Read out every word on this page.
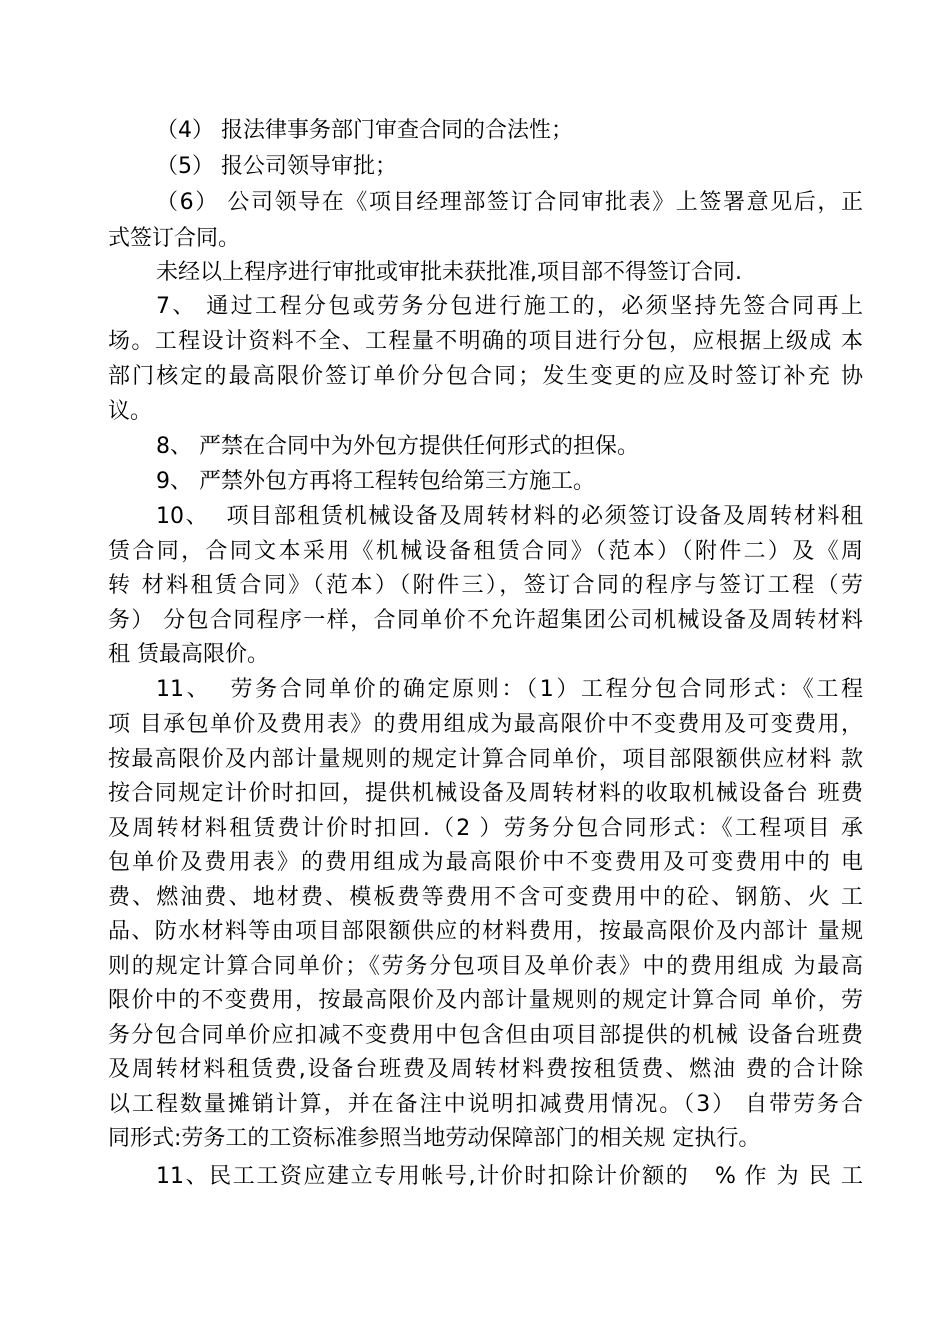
（4） 报法律事务部门审查合同的合法性；
（5） 报公司领导审批；
（6） 公司领导在《项目经理部签订合同审批表》上签署意见后，正
式签订合同。
未经以上程序进行审批或审批未获批准,项目部不得签订合同.
7、 通过工程分包或劳务分包进行施工的，必须坚持先签合同再上
场。工程设计资料不全、工程量不明确的项目进行分包，应根据上级成 本
部门核定的最高限价签订单价分包合同；发生变更的应及时签订补充 协
议。
8、 严禁在合同中为外包方提供任何形式的担保。
9、 严禁外包方再将工程转包给第三方施工。
10、  项目部租赁机械设备及周转材料的必须签订设备及周转材料租
赁合同，合同文本采用《机械设备租赁合同》（范本）（附件二）及《周
转 材料租赁合同》（范本）（附件三），签订合同的程序与签订工程（劳
务） 分包合同程序一样，合同单价不允许超集团公司机械设备及周转材料
租 赁最高限价。
11、  劳务合同单价的确定原则：（1）工程分包合同形式：《工程
项 目承包单价及费用表》的费用组成为最高限价中不变费用及可变费用，
按最高限价及内部计量规则的规定计算合同单价，项目部限额供应材料 款
按合同规定计价时扣回，提供机械设备及周转材料的收取机械设备台 班费
及周转材料租赁费计价时扣回.（2 ）劳务分包合同形式：《工程项目 承
包单价及费用表》的费用组成为最高限价中不变费用及可变费用中的 电
费、燃油费、地材费、模板费等费用不含可变费用中的砼、钢筋、火 工
品、防水材料等由项目部限额供应的材料费用，按最高限价及内部计 量规
则的规定计算合同单价；《劳务分包项目及单价表》中的费用组成 为最高
限价中的不变费用，按最高限价及内部计量规则的规定计算合同 单价，劳
务分包合同单价应扣减不变费用中包含但由项目部提供的机械 设备台班费
及周转材料租赁费,设备台班费及周转材料费按租赁费、燃油 费的合计除
以工程数量摊销计算，并在备注中说明扣减费用情况。（3） 自带劳务合
同形式:劳务工的工资标准参照当地劳动保障部门的相关规 定执行。
11、民工工资应建立专用帐号,计价时扣除计价额的   % 作 为 民 工
